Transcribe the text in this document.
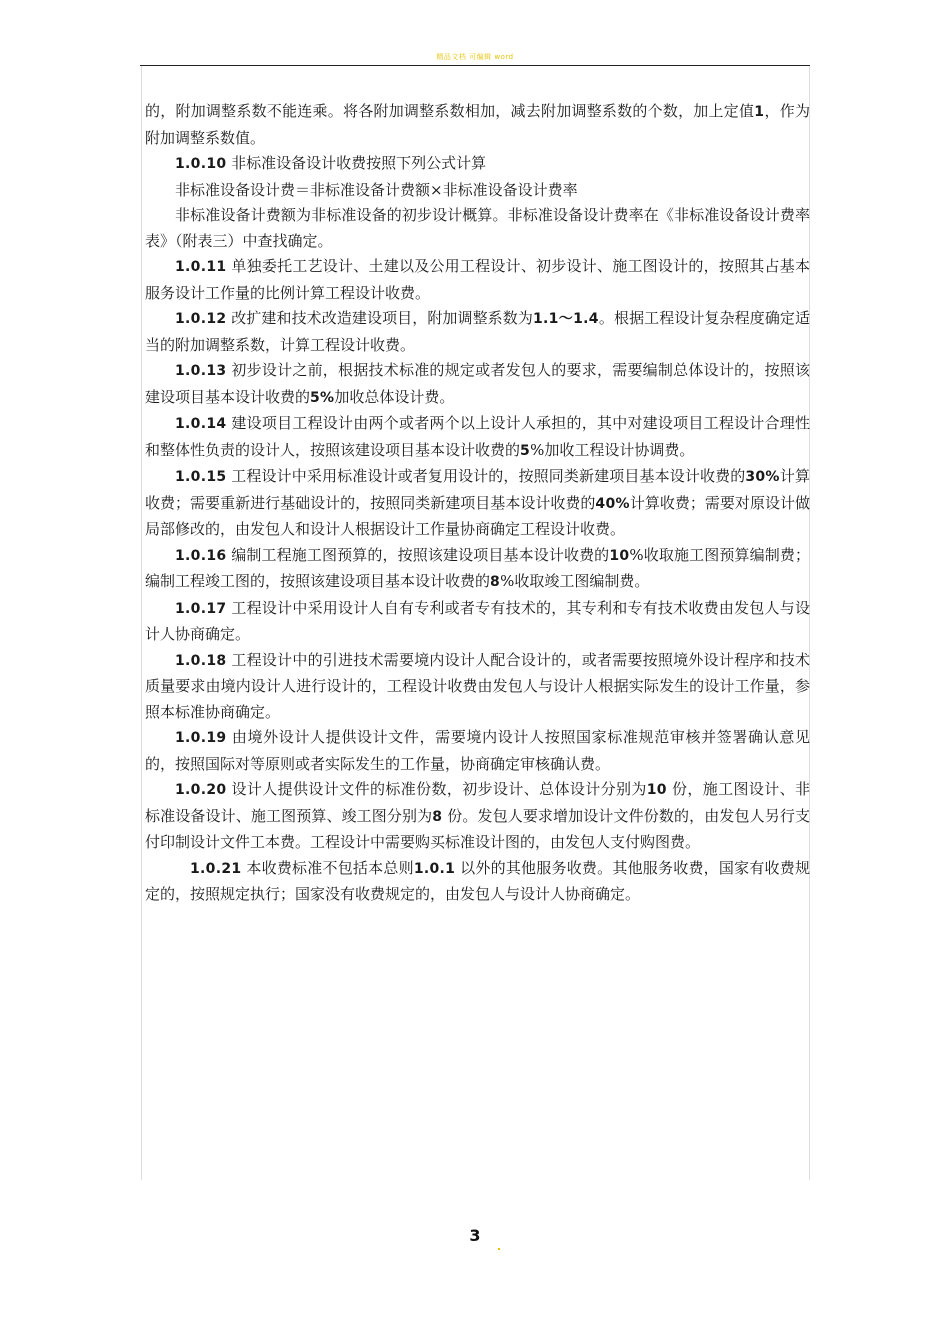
精品文档 可编辑 word

的，附加调整系数不能连乘。将各附加调整系数相加，减去附加调整系数的个数，加上定值1，作为附加调整系数值。

1.0.10 非标准设备设计收费按照下列公式计算

非标准设备设计费＝非标准设备计费额×非标准设备设计费率

非标准设备计费额为非标准设备的初步设计概算。非标准设备设计费率在《非标准设备设计费率表》（附表三）中查找确定。

1.0.11 单独委托工艺设计、土建以及公用工程设计、初步设计、施工图设计的，按照其占基本服务设计工作量的比例计算工程设计收费。

1.0.12 改扩建和技术改造建设项目，附加调整系数为1.1～1.4。根据工程设计复杂程度确定适当的附加调整系数，计算工程设计收费。

1.0.13 初步设计之前，根据技术标准的规定或者发包人的要求，需要编制总体设计的，按照该建设项目基本设计收费的5%加收总体设计费。

1.0.14 建设项目工程设计由两个或者两个以上设计人承担的，其中对建设项目工程设计合理性和整体性负责的设计人，按照该建设项目基本设计收费的5%加收工程设计协调费。

1.0.15 工程设计中采用标准设计或者复用设计的，按照同类新建项目基本设计收费的30%计算收费；需要重新进行基础设计的，按照同类新建项目基本设计收费的40%计算收费；需要对原设计做局部修改的，由发包人和设计人根据设计工作量协商确定工程设计收费。

1.0.16 编制工程施工图预算的，按照该建设项目基本设计收费的10%收取施工图预算编制费；编制工程竣工图的，按照该建设项目基本设计收费的8%收取竣工图编制费。

1.0.17 工程设计中采用设计人自有专利或者专有技术的，其专利和专有技术收费由发包人与设计人协商确定。

1.0.18 工程设计中的引进技术需要境内设计人配合设计的，或者需要按照境外设计程序和技术质量要求由境内设计人进行设计的，工程设计收费由发包人与设计人根据实际发生的设计工作量，参照本标准协商确定。

1.0.19 由境外设计人提供设计文件，需要境内设计人按照国家标准规范审核并签署确认意见的，按照国际对等原则或者实际发生的工作量，协商确定审核确认费。

1.0.20 设计人提供设计文件的标准份数，初步设计、总体设计分别为10 份，施工图设计、非标准设备设计、施工图预算、竣工图分别为8 份。发包人要求增加设计文件份数的，由发包人另行支付印制设计文件工本费。工程设计中需要购买标准设计图的，由发包人支付购图费。

1.0.21 本收费标准不包括本总则1.0.1 以外的其他服务收费。其他服务收费，国家有收费规定的，按照规定执行；国家没有收费规定的，由发包人与设计人协商确定。

3
